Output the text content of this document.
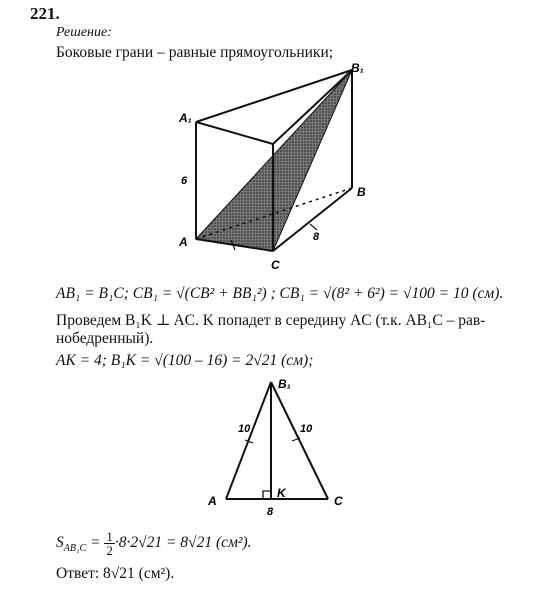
221.
Решение:
Боковые грани – равные прямоугольники;
A₁
B₁
A
B
C
6
8
AB₁ = B₁C; CB₁ = √(CB² + BB₁²) ; CB₁ = √(8² + 6²) = √100 = 10 (см).
Проведем B₁K ⊥ AC. K попадет в середину AC (т.к. AB₁C – рав-
нобедренный).
AK = 4; B₁K = √(100 – 16) = 2√21 (см);
B₁
A	C
K
10	10
8
$S_{AB_1C} = \frac{1}{2} \cdot 8\cdot 2√21 = 8√21$ (см²).
Ответ: 8√21 (см²).
